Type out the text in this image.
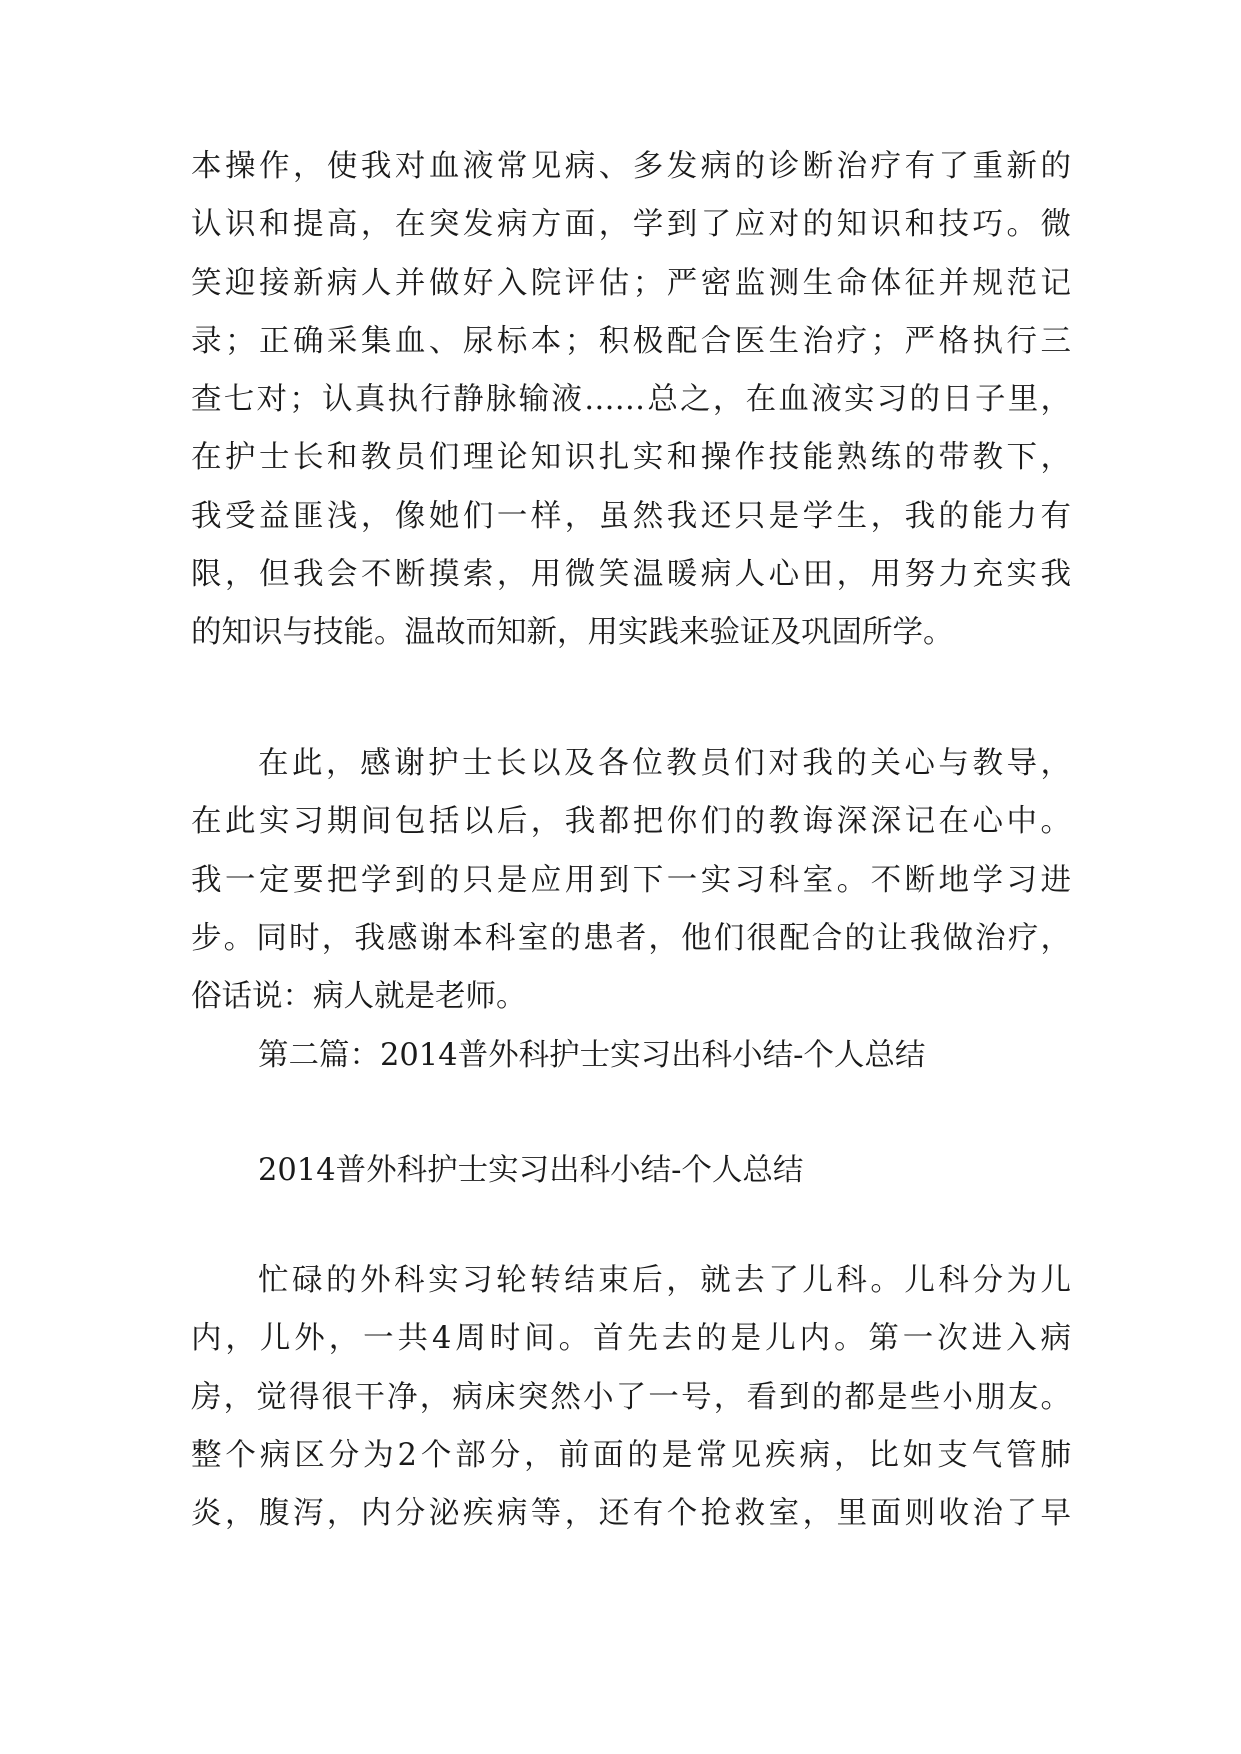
本操作，使我对血液常见病、多发病的诊断治疗有了重新的
认识和提高，在突发病方面，学到了应对的知识和技巧。微
笑迎接新病人并做好入院评估；严密监测生命体征并规范记
录；正确采集血、尿标本；积极配合医生治疗；严格执行三
查七对；认真执行静脉输液……总之，在血液实习的日子里，
在护士长和教员们理论知识扎实和操作技能熟练的带教下，
我受益匪浅，像她们一样，虽然我还只是学生，我的能力有
限，但我会不断摸索，用微笑温暖病人心田，用努力充实我
的知识与技能。温故而知新，用实践来验证及巩固所学。

在此，感谢护士长以及各位教员们对我的关心与教导，
在此实习期间包括以后，我都把你们的教诲深深记在心中。
我一定要把学到的只是应用到下一实习科室。不断地学习进
步。同时，我感谢本科室的患者，他们很配合的让我做治疗，
俗话说：病人就是老师。

第二篇：2014普外科护士实习出科小结-个人总结
2014普外科护士实习出科小结-个人总结

忙碌的外科实习轮转结束后，就去了儿科。儿科分为儿
内，儿外，一共4周时间。首先去的是儿内。第一次进入病
房，觉得很干净，病床突然小了一号，看到的都是些小朋友。
整个病区分为2个部分，前面的是常见疾病，比如支气管肺
炎，腹泻，内分泌疾病等，还有个抢救室，里面则收治了早
